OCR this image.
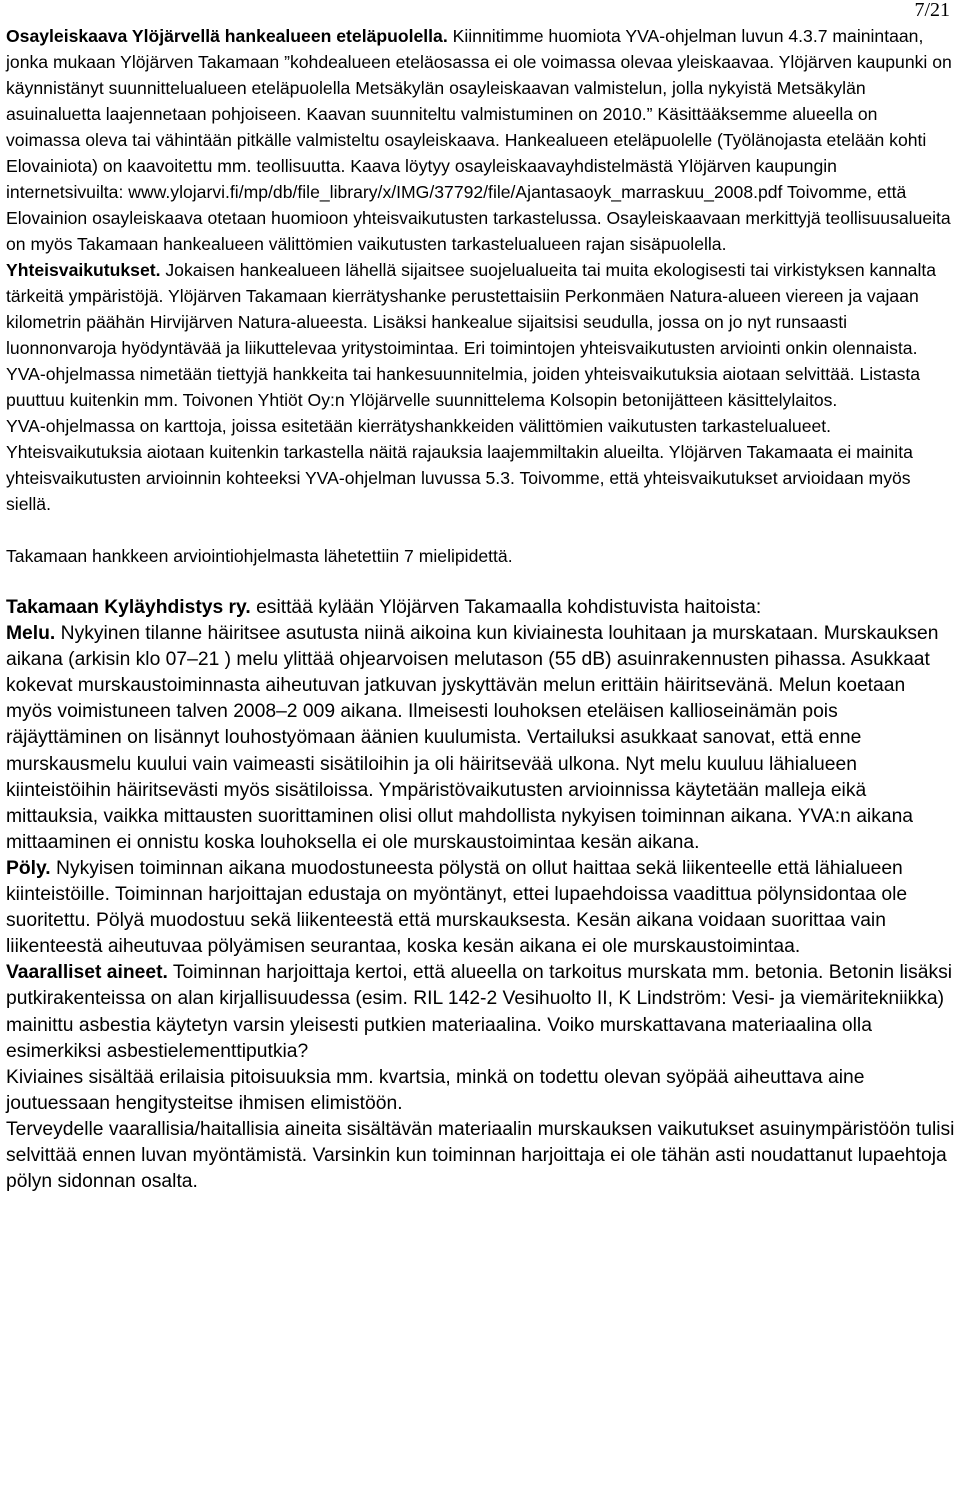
7/21

Osayleiskaava Ylöjärvellä hankealueen eteläpuolella. Kiinnitimme huomiota YVA-ohjelman luvun 4.3.7 mainintaan, jonka mukaan Ylöjärven Takamaan ”kohdealueen eteläosassa ei ole voimassa olevaa yleiskaavaa. Ylöjärven kaupunki on käynnistänyt suunnittelualueen eteläpuolella Metsäkylän osayleiskaavan valmistelun, jolla nykyistä Metsäkylän asuinaluetta laajennetaan pohjoiseen. Kaavan suunniteltu valmistuminen on 2010.” Käsittääksemme alueella on voimassa oleva tai vähintään pitkälle valmisteltu osayleiskaava. Hankealueen eteläpuolelle (Työlänojasta etelään kohti Elovainiota) on kaavoitettu mm. teollisuutta. Kaava löytyy osayleiskaavayhdistelmästä Ylöjärven kaupungin internetsivuilta: www.ylojarvi.fi/mp/db/file_library/x/IMG/37792/file/Ajantasaoyk_marraskuu_2008.pdf Toivomme, että Elovainion osayleiskaava otetaan huomioon yhteisvaikutusten tarkastelussa. Osayleiskaavaan merkittyjä teollisuusalueita on myös Takamaan hankealueen välittömien vaikutusten tarkastelualueen rajan sisäpuolella.

Yhteisvaikutukset. Jokaisen hankealueen lähellä sijaitsee suojelualueita tai muita ekologisesti tai virkistyksen kannalta tärkeitä ympäristöjä. Ylöjärven Takamaan kierrätyshanke perustettaisiin Perkonmäen Natura-alueen viereen ja vajaan kilometrin päähän Hirvijärven Natura-alueesta. Lisäksi hankealue sijaitsisi seudulla, jossa on jo nyt runsaasti luonnonvaroja hyödyntävää ja liikuttelevaa yritystoimintaa. Eri toimintojen yhteisvaikutusten arviointi onkin olennaista. YVA-ohjelmassa nimetään tiettyjä hankkeita tai hankesuunnitelmia, joiden yhteisvaikutuksia aiotaan selvittää. Listasta puuttuu kuitenkin mm. Toivonen Yhtiöt Oy:n Ylöjärvelle suunnittelema Kolsopin betonijätteen käsittelylaitos.

YVA-ohjelmassa on karttoja, joissa esitetään kierrätyshankkeiden välittömien vaikutusten tarkastelualueet. Yhteisvaikutuksia aiotaan kuitenkin tarkastella näitä rajauksia laajemmiltakin alueilta. Ylöjärven Takamaata ei mainita yhteisvaikutusten arvioinnin kohteeksi YVA-ohjelman luvussa 5.3. Toivomme, että yhteisvaikutukset arvioidaan myös siellä.

Takamaan hankkeen arviointiohjelmasta lähetettiin 7 mielipidettä.

Takamaan Kyläyhdistys ry. esittää kylään Ylöjärven Takamaalla kohdistuvista haitoista:

Melu. Nykyinen tilanne häiritsee asutusta niinä aikoina kun kiviainesta louhitaan ja murskataan. Murskauksen aikana (arkisin klo 07–21 ) melu ylittää ohjearvoisen melutason (55 dB) asuinrakennusten pihassa. Asukkaat kokevat murskaustoiminnasta aiheutuvan jatkuvan jyskyttävän melun erittäin häiritsevänä. Melun koetaan myös voimistuneen talven 2008–2 009 aikana. Ilmeisesti louhoksen eteläisen kallioseinämän pois räjäyttäminen on lisännyt louhostyömaan äänien kuulumista. Vertailuksi asukkaat sanovat, että enne murskausmelu kuului vain vaimeasti sisätiloihin ja oli häiritsevää ulkona. Nyt melu kuuluu lähialueen kiinteistöihin häiritsevästi myös sisätiloissa. Ympäristövaikutusten arvioinnissa käytetään malleja eikä mittauksia, vaikka mittausten suorittaminen olisi ollut mahdollista nykyisen toiminnan aikana. YVA:n aikana mittaaminen ei onnistu koska louhoksella ei ole murskaustoimintaa kesän aikana.

Pöly. Nykyisen toiminnan aikana muodostuneesta pölystä on ollut haittaa sekä liikenteelle että lähialueen kiinteistöille. Toiminnan harjoittajan edustaja on myöntänyt, ettei lupaehdoissa vaadittua pölynsidontaa ole suoritettu. Pölyä muodostuu sekä liikenteestä että murskauksesta. Kesän aikana voidaan suorittaa vain liikenteestä aiheutuvaa pölyämisen seurantaa, koska kesän aikana ei ole murskaustoimintaa.

Vaaralliset aineet. Toiminnan harjoittaja kertoi, että alueella on tarkoitus murskata mm. betonia. Betonin lisäksi putkirakenteissa on alan kirjallisuudessa (esim. RIL 142-2 Vesihuolto II, K Lindström: Vesi- ja viemäritekniikka) mainittu asbestia käytetyn varsin yleisesti putkien materiaalina. Voiko murskattavana materiaalina olla esimerkiksi asbestielementtiputkia?

Kiviaines sisältää erilaisia pitoisuuksia mm. kvartsia, minkä on todettu olevan syöpää aiheuttava aine joutuessaan hengitysteitse ihmisen elimistöön.

Terveydelle vaarallisia/haitallisia aineita sisältävän materiaalin murskauksen vaikutukset asuinympäristöön tulisi selvittää ennen luvan myöntämistä. Varsinkin kun toiminnan harjoittaja ei ole tähän asti noudattanut lupaehtoja pölyn sidonnan osalta.
